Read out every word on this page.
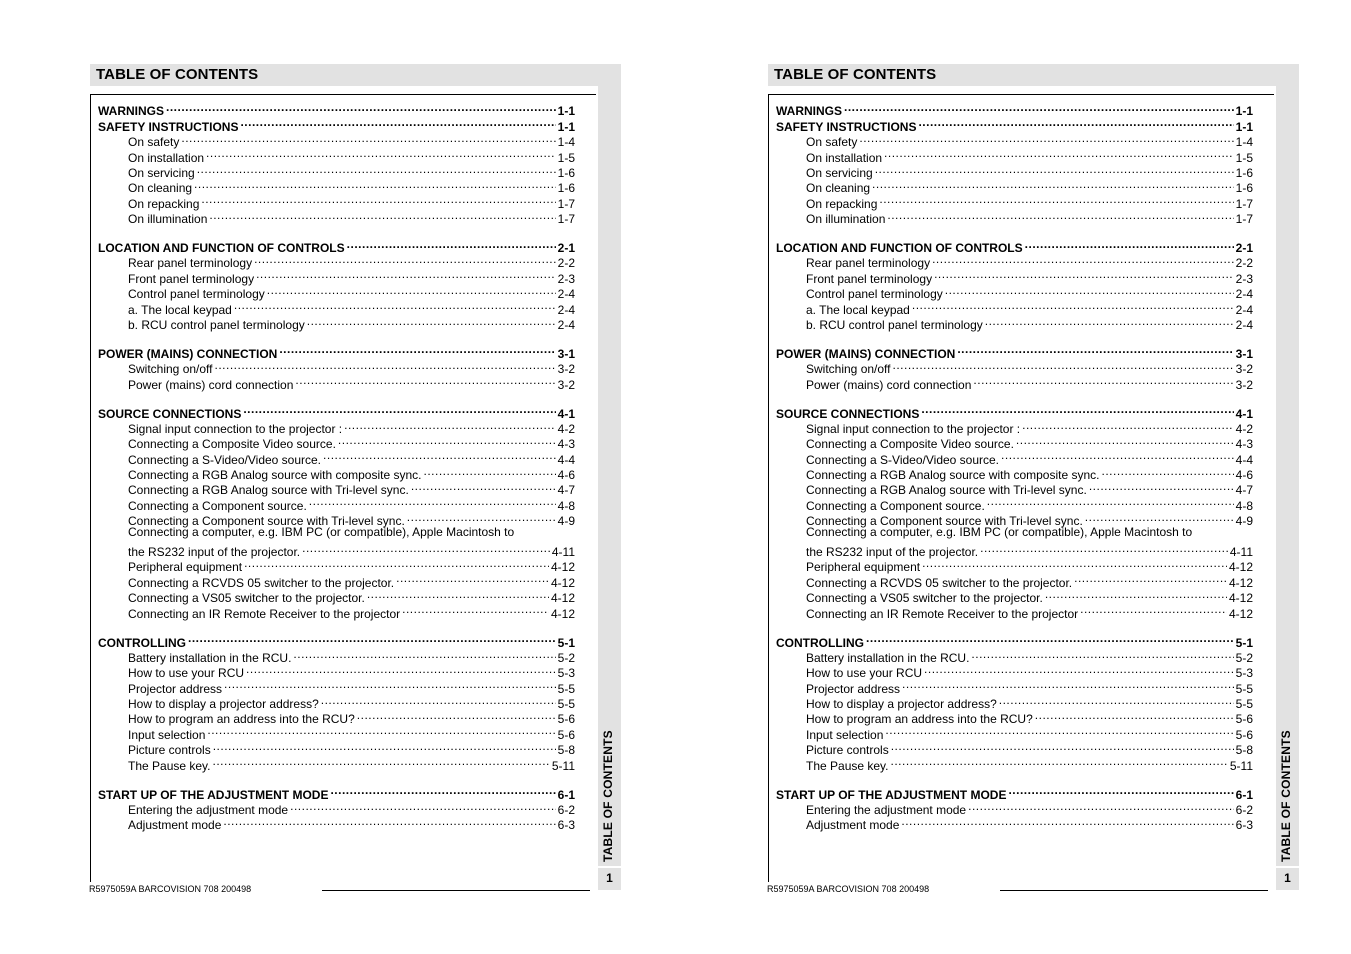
TABLE OF CONTENTS
WARNINGS .....	1-1
SAFETY INSTRUCTIONS .....	1-1
On safety .....	1-4
On installation .....	1-5
On servicing .....	1-6
On cleaning .....	1-6
On repacking .....	1-7
On illumination .....	1-7
LOCATION AND FUNCTION OF CONTROLS .....	2-1
Rear panel terminology .....	2-2
Front panel terminology .....	2-3
Control panel terminology .....	2-4
a. The local keypad .....	2-4
b. RCU control panel terminology .....	2-4
POWER (MAINS) CONNECTION .....	3-1
Switching on/off .....	3-2
Power (mains) cord connection .....	3-2
SOURCE CONNECTIONS .....	4-1
Signal input connection to the projector : .....	4-2
Connecting a Composite Video source. .....	4-3
Connecting a S-Video/Video source. .....	4-4
Connecting a RGB Analog source with composite sync. .....	4-6
Connecting a RGB Analog source with Tri-level sync. .....	4-7
Connecting a Component source. .....	4-8
Connecting a Component source with Tri-level sync. .....	4-9
Connecting a computer, e.g. IBM PC (or compatible), Apple Macintosh to
the RS232 input of the projector. .....	4-11
Peripheral equipment .....	4-12
Connecting a RCVDS 05 switcher to the projector. .....	4-12
Connecting a VS05 switcher to the projector. .....	4-12
Connecting an IR Remote Receiver to the projector .....	4-12
CONTROLLING .....	5-1
Battery installation in the RCU. .....	5-2
How to use your RCU .....	5-3
Projector address .....	5-5
How to display a projector address? .....	5-5
How to program an address into the RCU? .....	5-6
Input selection .....	5-6
Picture controls .....	5-8
The Pause key. .....	5-11
START UP OF THE ADJUSTMENT MODE .....	6-1
Entering the adjustment mode .....	6-2
Adjustment mode .....	6-3 TABLE OF CONTENTS
1
R5975059A BARCOVISION 708 200498
TABLE OF CONTENTS
WARNINGS .....	1-1
SAFETY INSTRUCTIONS .....	1-1
On safety .....	1-4
On installation .....	1-5
On servicing .....	1-6
On cleaning .....	1-6
On repacking .....	1-7
On illumination .....	1-7
LOCATION AND FUNCTION OF CONTROLS .....	2-1
Rear panel terminology .....	2-2
Front panel terminology .....	2-3
Control panel terminology .....	2-4
a. The local keypad .....	2-4
b. RCU control panel terminology .....	2-4
POWER (MAINS) CONNECTION .....	3-1
Switching on/off .....	3-2
Power (mains) cord connection .....	3-2
SOURCE CONNECTIONS .....	4-1
Signal input connection to the projector : .....	4-2
Connecting a Composite Video source. .....	4-3
Connecting a S-Video/Video source. .....	4-4
Connecting a RGB Analog source with composite sync. .....	4-6
Connecting a RGB Analog source with Tri-level sync. .....	4-7
Connecting a Component source. .....	4-8
Connecting a Component source with Tri-level sync. .....	4-9
Connecting a computer, e.g. IBM PC (or compatible), Apple Macintosh to
the RS232 input of the projector. .....	4-11
Peripheral equipment .....	4-12
Connecting a RCVDS 05 switcher to the projector. .....	4-12
Connecting a VS05 switcher to the projector. .....	4-12
Connecting an IR Remote Receiver to the projector .....	4-12
CONTROLLING .....	5-1
Battery installation in the RCU. .....	5-2
How to use your RCU .....	5-3
Projector address .....	5-5
How to display a projector address? .....	5-5
How to program an address into the RCU? .....	5-6
Input selection .....	5-6
Picture controls .....	5-8
The Pause key. .....	5-11
START UP OF THE ADJUSTMENT MODE .....	6-1
Entering the adjustment mode .....	6-2
Adjustment mode .....	6-3 TABLE OF CONTENTS
1
R5975059A BARCOVISION 708 200498
